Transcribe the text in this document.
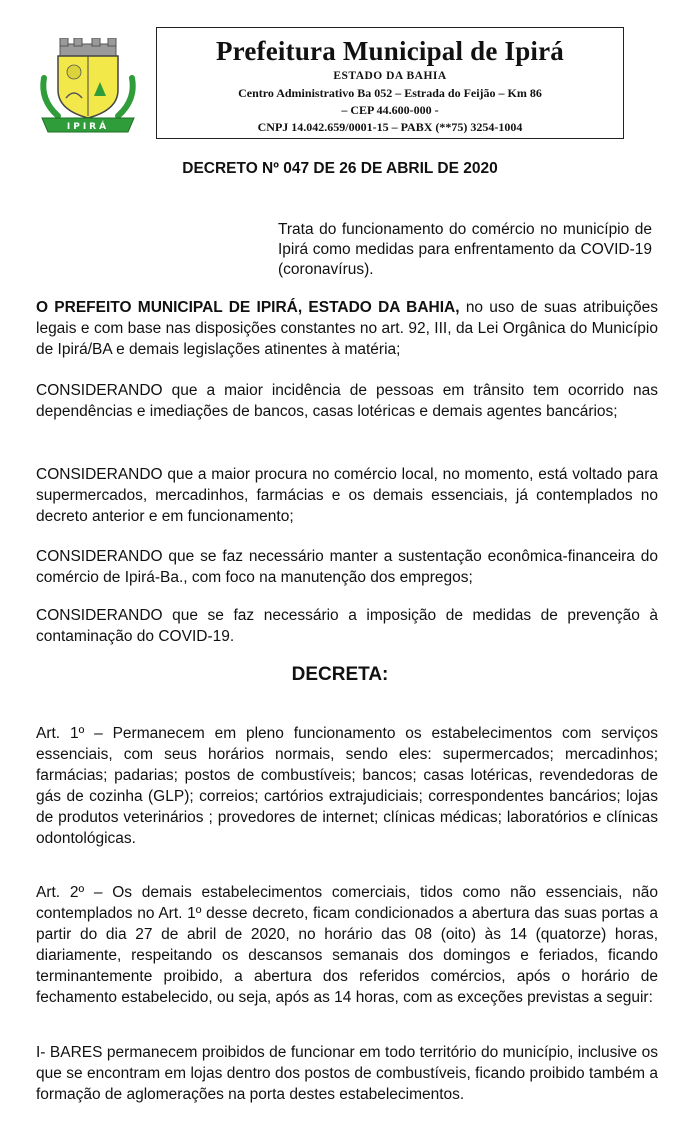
IPIRÁ
Prefeitura Municipal de Ipirá
ESTADO DA BAHIA
Centro Administrativo Ba 052 – Estrada do Feijão – Km 86
– CEP 44.600-000 -
CNPJ 14.042.659/0001-15 – PABX (**75) 3254-1004
DECRETO Nº 047 DE 26 DE ABRIL DE 2020
Trata do funcionamento do comércio no município de Ipirá como medidas para enfrentamento da COVID-19 (coronavírus).
O PREFEITO MUNICIPAL DE IPIRÁ, ESTADO DA BAHIA, no uso de suas atribuições legais e com base nas disposições constantes no art. 92, III, da Lei Orgânica do Município de Ipirá/BA e demais legislações atinentes à matéria;
CONSIDERANDO que a maior incidência de pessoas em trânsito tem ocorrido nas dependências e imediações de bancos, casas lotéricas e demais agentes bancários;
CONSIDERANDO que a maior procura no comércio local, no momento, está voltado para supermercados, mercadinhos, farmácias e os demais essenciais, já contemplados no decreto anterior e em funcionamento;
CONSIDERANDO que se faz necessário manter a sustentação econômica-financeira do comércio de Ipirá-Ba., com foco na manutenção dos empregos;
CONSIDERANDO que se faz necessário a imposição de medidas de prevenção à contaminação do COVID-19.
DECRETA:
Art. 1º – Permanecem em pleno funcionamento os estabelecimentos com serviços essenciais, com seus horários normais, sendo eles: supermercados; mercadinhos; farmácias; padarias; postos de combustíveis; bancos; casas lotéricas, revendedoras de gás de cozinha (GLP); correios; cartórios extrajudiciais; correspondentes bancários; lojas de produtos veterinários ; provedores de internet; clínicas médicas; laboratórios e clínicas odontológicas.
Art. 2º – Os demais estabelecimentos comerciais, tidos como não essenciais, não contemplados no Art. 1º desse decreto, ficam condicionados a abertura das suas portas a partir do dia 27 de abril de 2020, no horário das 08 (oito) às 14 (quatorze) horas, diariamente, respeitando os descansos semanais dos domingos e feriados, ficando terminantemente proibido, a abertura dos referidos comércios, após o horário de fechamento estabelecido, ou seja, após as 14 horas, com as exceções previstas a seguir:
I- BARES permanecem proibidos de funcionar em todo território do município, inclusive os que se encontram em lojas dentro dos postos de combustíveis, ficando proibido também a formação de aglomerações na porta destes estabelecimentos.
